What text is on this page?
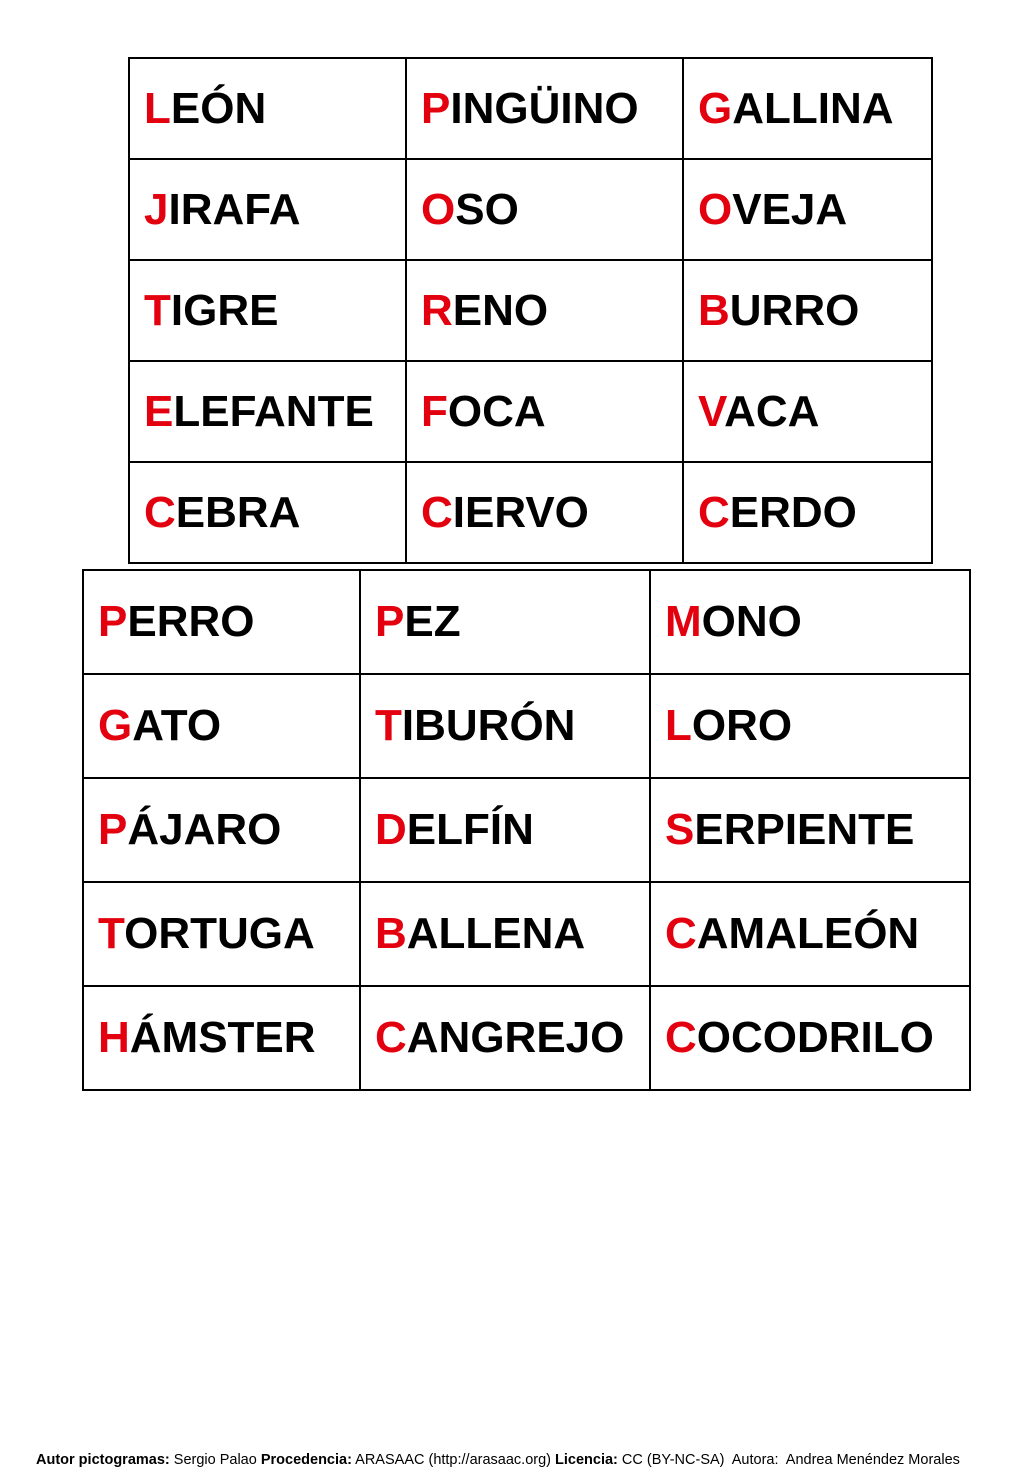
LEÓN	PINGÜINO	GALLINA
JIRAFA	OSO	OVEJA
TIGRE	RENO	BURRO
ELEFANTE	FOCA	VACA
CEBRA	CIERVO	CERDO
PERRO	PEZ	MONO
GATO	TIBURÓN	LORO
PÁJARO	DELFÍN	SERPIENTE
TORTUGA	BALLENA	CAMALEÓN
HÁMSTER	CANGREJO	COCODRILO
Autor pictogramas: Sergio Palao Procedencia: ARASAAC (http://arasaac.org) Licencia: CC (BY-NC-SA) Autora: Andrea Menéndez Morales
